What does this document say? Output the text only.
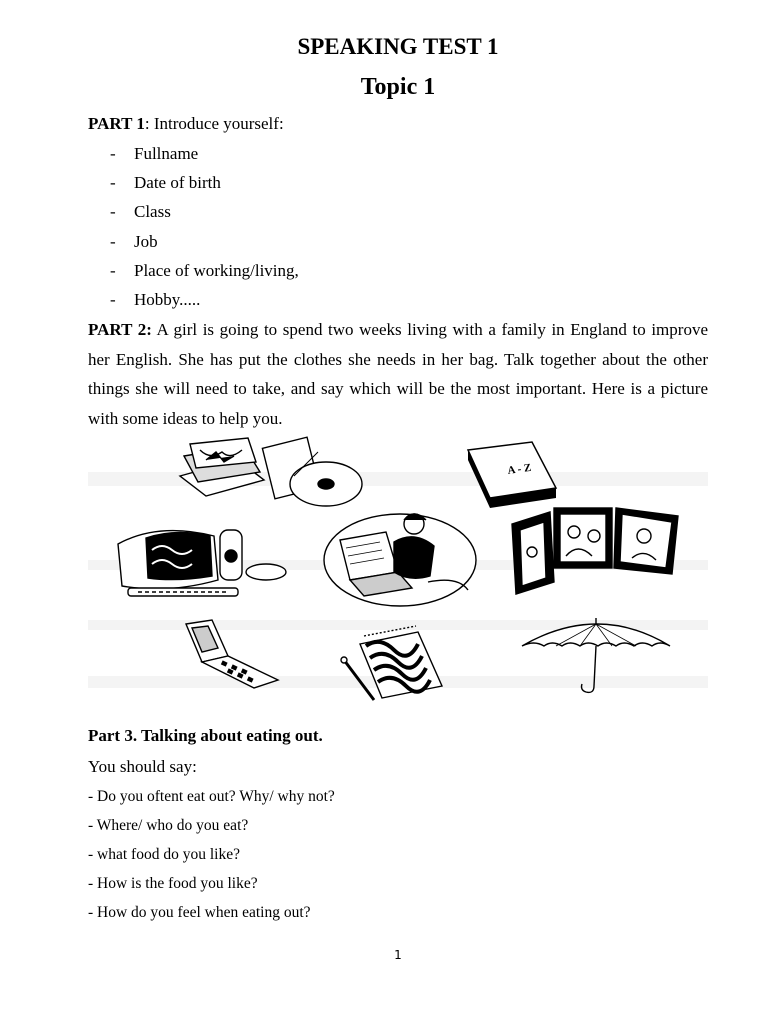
SPEAKING TEST 1
Topic 1
PART 1: Introduce yourself:
- Fullname
- Date of birth
- Class
- Job
- Place of working/living,
- Hobby.....
PART 2: A girl is going to spend two weeks living with a family in England to improve her English. She has put the clothes she needs in her bag. Talk together about the other things she will need to take, and say which will be the most important. Here is a picture with some ideas to help you.
A - Z
Part 3. Talking about eating out.
You should say:
- Do you oftent eat out? Why/ why not?
- Where/ who do you eat?
- what food do you like?
- How is the food you like?
- How do you feel when eating out?
1
